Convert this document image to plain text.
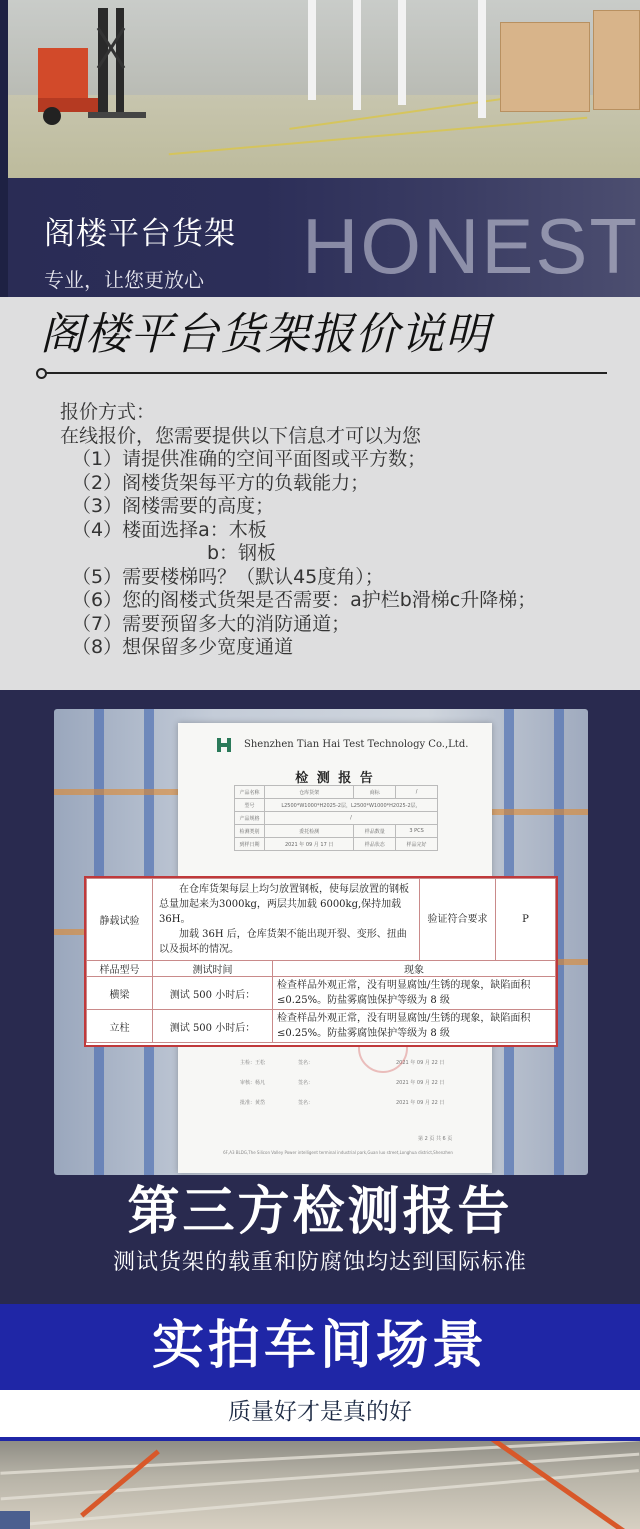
HONEST
阁楼平台货架
专业，让您更放心
阁楼平台货架报价说明
报价方式：
在线报价，您需要提供以下信息才可以为您
（1）请提供准确的空间平面图或平方数；
（2）阁楼货架每平方的负载能力；
（3）阁楼需要的高度；
（4）楼面选择a：木板
b：钢板
（5）需要楼梯吗？（默认45度角）；
（6）您的阁楼式货架是否需要：a护栏b滑梯c升降梯；
（7）需要预留多大的消防通道；
（8）想保留多少宽度通道
Shenzhen Tian Hai Test Technology Co.,Ltd.
检 测 报 告
产品名称	仓库货架	商标	/
型号	L2500*W1000*H2025-2层，L2500*W1000*H2025-2层，		
产品规格	/		
检测类别	委托检测	样品数量	3 PCS
到样日期	2021 年 09 月 17 日	样品状态	样品完好
主检：王松	签名：	2021 年 09 月 22 日
审核：杨凡	签名：	2021 年 09 月 22 日
批准：黄岱	签名：	2021 年 09 月 22 日
第 2 页 共 6 页
6F,A3 BLDG,The Silicon Valley Power intelligent terminal industrial park,Guan luo street,Longhua district,Shenzhen
静载试验	在仓库货架每层上均匀放置钢板，使每层放置的钢板总量加起来为3000kg，两层共加载 6000kg,保持加载36H。
加载 36H 后，仓库货架不能出现开裂、变形、扭曲以及损坏的情况。		验证符合要求	P
样品型号	测试时间	现象		
横梁	测试 500 小时后：	检查样品外观正常，没有明显腐蚀/生锈的现象，缺陷面积≤0.25%。防盐雾腐蚀保护等级为 8 级		
立柱	测试 500 小时后：	检查样品外观正常，没有明显腐蚀/生锈的现象，缺陷面积≤0.25%。防盐雾腐蚀保护等级为 8 级		
第三方检测报告
测试货架的载重和防腐蚀均达到国际标准
实拍车间场景
质量好才是真的好
